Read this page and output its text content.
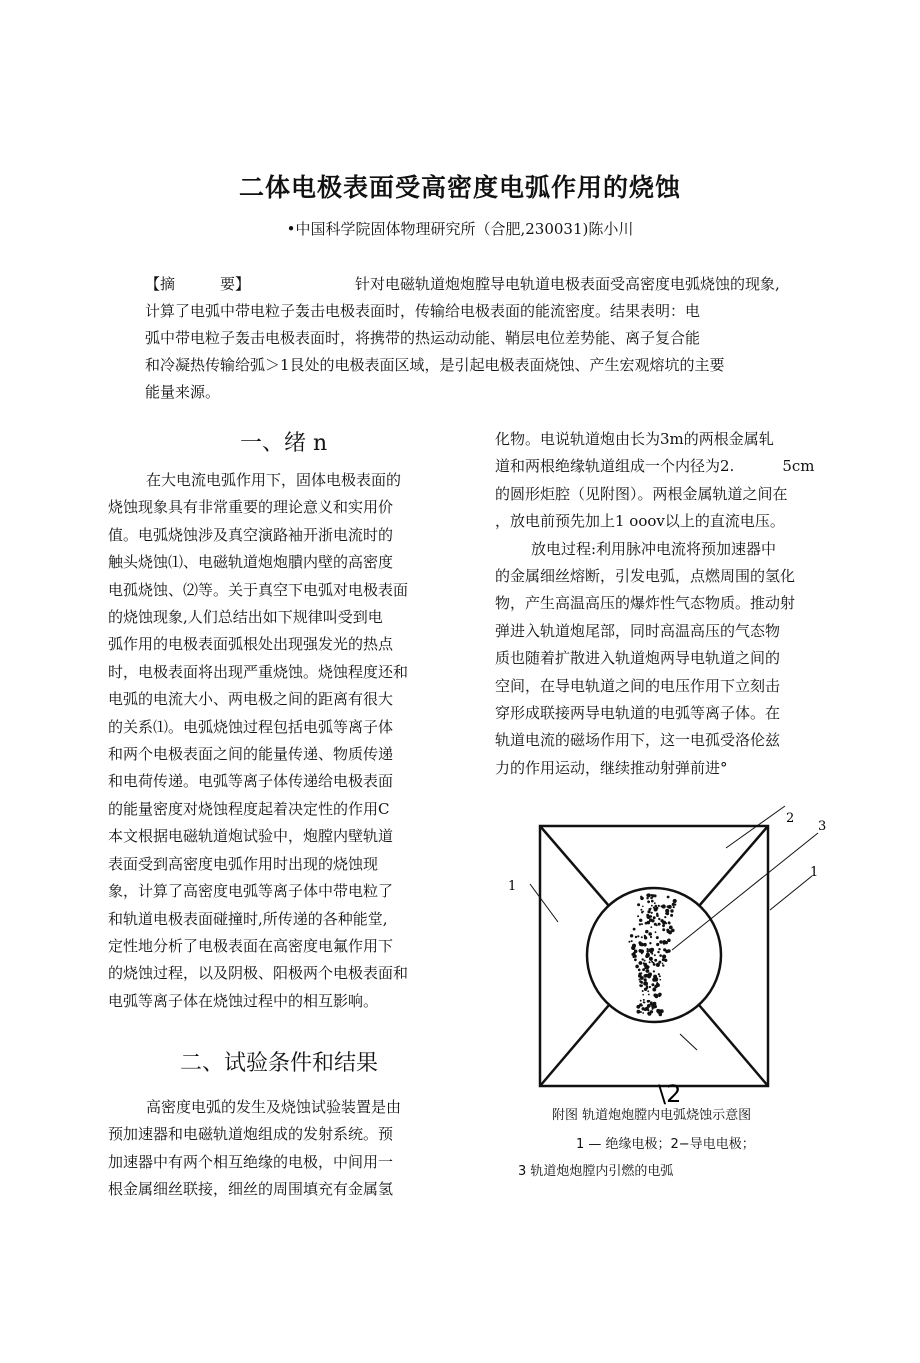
二体电极表面受高密度电弧作用的烧蚀
•中国科学院固体物理研究所（合肥,230031)陈小川

【摘　　　要】	针对电磁轨道炮炮膛导电轨道电极表面受高密度电弧烧蚀的现象,

计算了电弧中带电粒子轰击电极表面时，传输给电极表面的能流密度。结果表明：电

弧中带电粒子轰击电极表面时，将携带的热运动动能、鞘层电位差势能、离子复合能

和冷凝热传输给弧＞1艮处的电极表面区域，是引起电极表面烧蚀、产生宏观熔坑的主要

能量来源。

一、绪 n

在大电流电弧作用下，固体电极表面的

烧蚀现象具有非常重要的理论意义和实用价

值。电弧烧蚀涉及真空演路袖开浙电流时的

触头烧蚀⑴、电磁轨道炮炮膭内壁的高密度

电孤烧蚀、⑵等。关于真空下电弧对电极表面

的烧蚀现象,人们总结出如下规律叫受到电

弧作用的电极表面弧根处出现强发光的热点

时，电极表面将出现严重烧蚀。烧蚀程度还和

电弧的电流大小、两电极之间的距离有很大

的关系⑴。电弧烧蚀过程包括电弧等离子体

和两个电极表面之间的能量传递、物质传递

和电荷传递。电弧等离子体传递给电极表面

的能量密度对烧蚀程度起着决定性的作用C

本文根据电磁轨道炮试验中，炮膛内壁轨道

表面受到高密度电弧作用时出现的烧蚀现

象，计算了高密度电弧等离子体中带电粒了

和轨道电极表面碰撞时,所传递的各种能堂,

定性地分析了电极表面在高密度电氟作用下

的烧蚀过程，以及阴极、阳极两个电极表面和

电弧等离子体在烧蚀过程中的相互影响。

二、试验条件和结果

高密度电弧的发生及烧蚀试验装置是由

预加速器和电磁轨道炮组成的发射系统。预

加速器中有两个相互绝缘的电极，中间用一

根金属细丝联接，细丝的周围填充有金属氢

化物。电说轨道炮由长为3m的两根金属轧

道和两根绝缘轨道组成一个内径为2.	5cm

的圆形炬腔（见附图）。两根金属轨道之间在

，放电前预先加上1 ooov以上的直流电压。

放电过程:利用脉冲电流将预加速器中

的金属细丝熔断，引发电弧，点燃周围的氢化

物，产生高温高压的爆炸性气态物质。推动射

弹进入轨道炮尾部，同时高温高压的气态物

质也随着扩散进入轨道炮两导电轨道之间的

空间，在导电轨道之间的电压作用下立刻击

穿形成联接两导电轨道的电弧等离子体。在

轨道电流的磁场作用下，这一电孤受洛伦兹

力的作用运动，继续推动射弹前进°

2
3
1
1
\2
附图 轨道炮炮膛内电弧烧蚀示意图
1 — 绝缘电极；2−导电电极；
3 轨道炮炮膛内引燃的电弧
